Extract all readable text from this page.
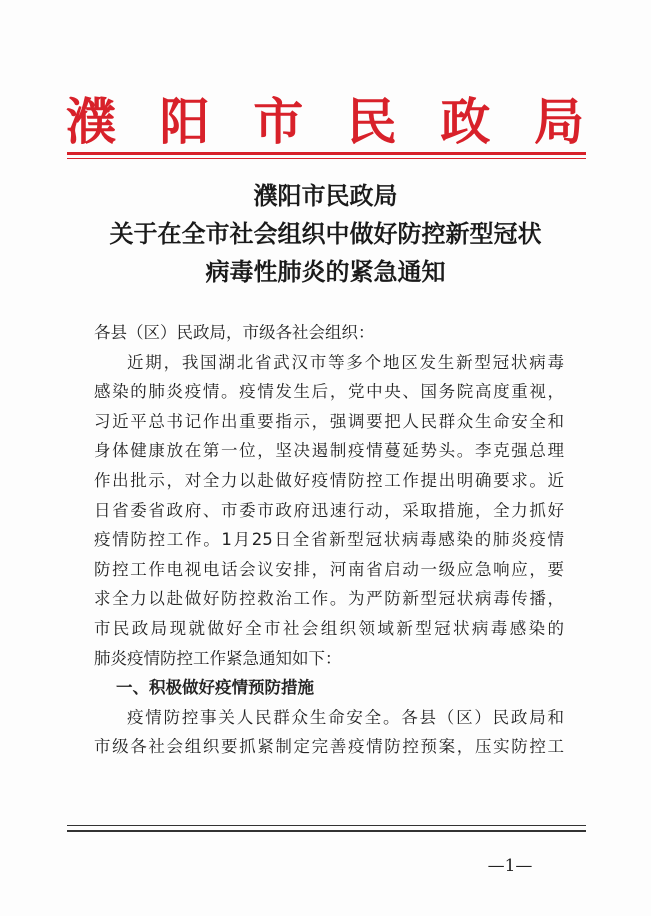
濮 阳 市 民 政 局
濮阳市民政局
关于在全市社会组织中做好防控新型冠状
病毒性肺炎的紧急通知
各县（区）民政局，市级各社会组织：
近期，我国湖北省武汉市等多个地区发生新型冠状病毒
感染的肺炎疫情。疫情发生后，党中央、国务院高度重视，
习近平总书记作出重要指示，强调要把人民群众生命安全和
身体健康放在第一位，坚决遏制疫情蔓延势头。李克强总理
作出批示，对全力以赴做好疫情防控工作提出明确要求。近
日省委省政府、市委市政府迅速行动，采取措施，全力抓好
疫情防控工作。1月25日全省新型冠状病毒感染的肺炎疫情
防控工作电视电话会议安排，河南省启动一级应急响应，要
求全力以赴做好防控救治工作。为严防新型冠状病毒传播，
市民政局现就做好全市社会组织领域新型冠状病毒感染的
肺炎疫情防控工作紧急通知如下：
一、积极做好疫情预防措施
疫情防控事关人民群众生命安全。各县（区）民政局和
市级各社会组织要抓紧制定完善疫情防控预案，压实防控工
—1—
